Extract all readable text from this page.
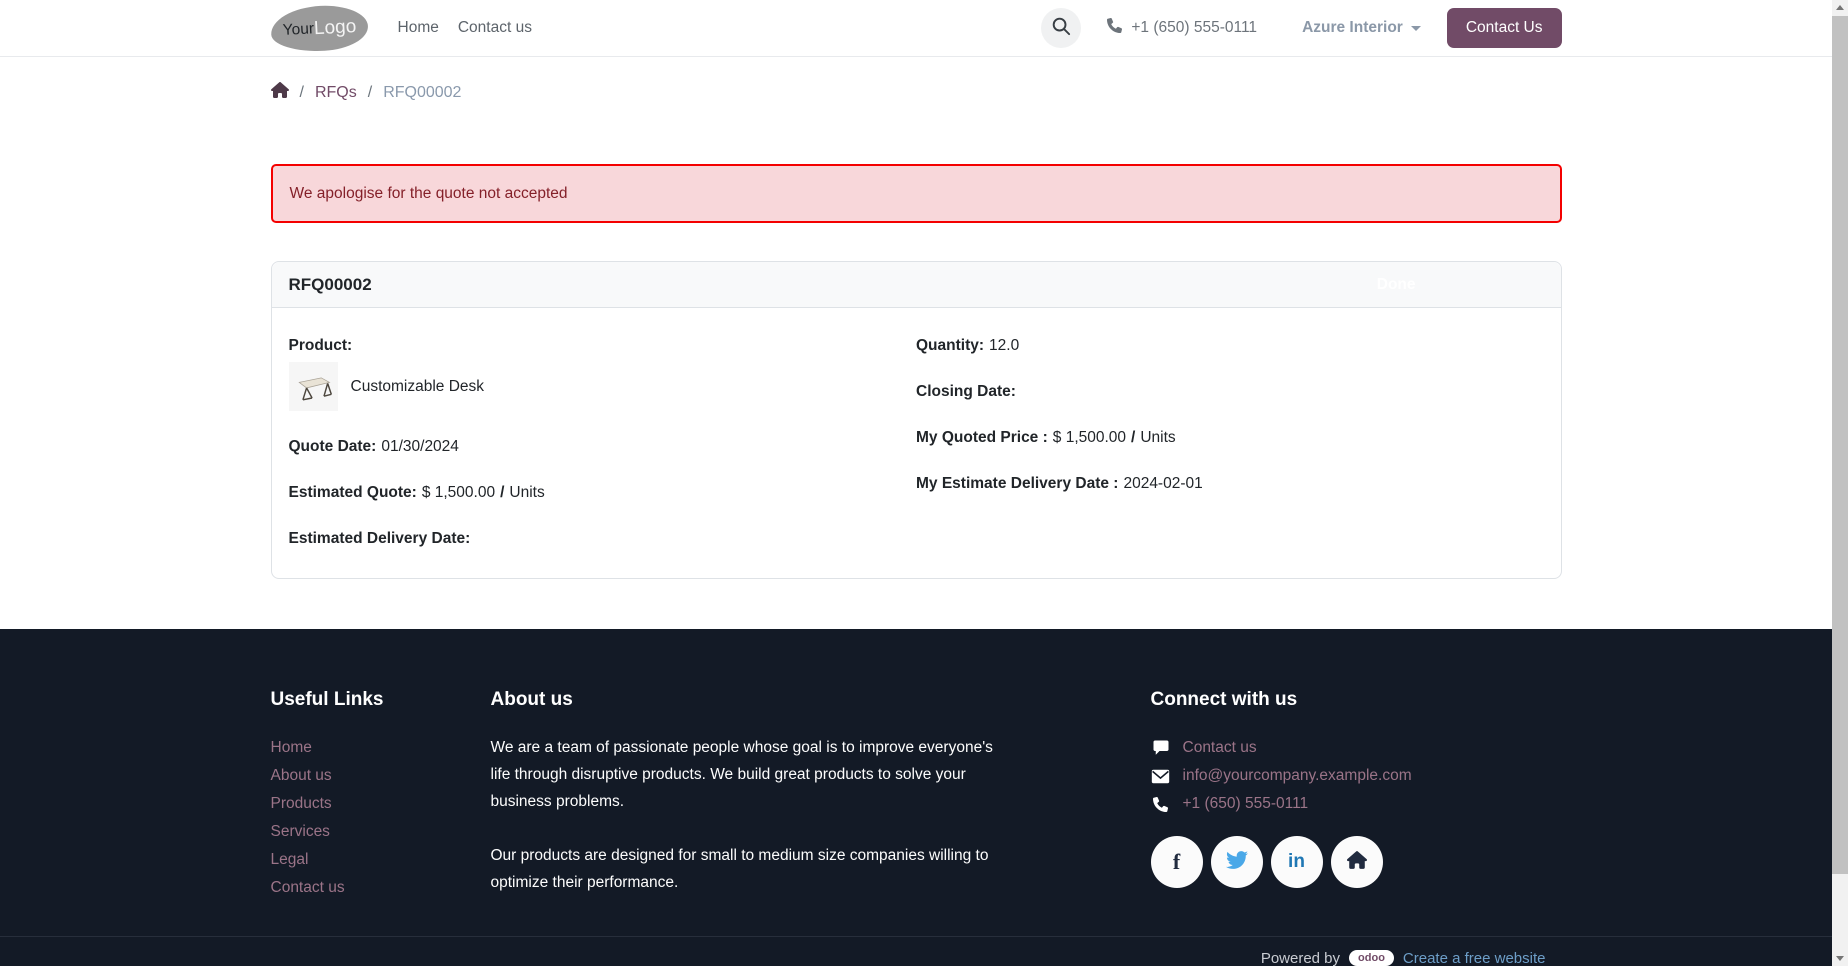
Your Logo	Home Contact us	+1 (650) 555-0111	Azure Interior	Contact Us
/ RFQs / RFQ00002
We apologise for the quote not accepted
RFQ00002	Done
Product:
Customizable Desk
Quote Date: 01/30/2024
Estimated Quote: $ 1,500.00 / Units
Estimated Delivery Date:
Quantity: 12.0
Closing Date:
My Quoted Price : $ 1,500.00 / Units
My Estimate Delivery Date : 2024-02-01
Useful Links
Home
About us
Products
Services
Legal
Contact us
About us

We are a team of passionate people whose goal is to improve everyone's life through disruptive products. We build great products to solve your business problems.

Our products are designed for small to medium size companies willing to optimize their performance.

Connect with us
Contact us
info@yourcompany.example.com
+1 (650) 555-0111
f	in
Powered by	odoo	Create a free website
